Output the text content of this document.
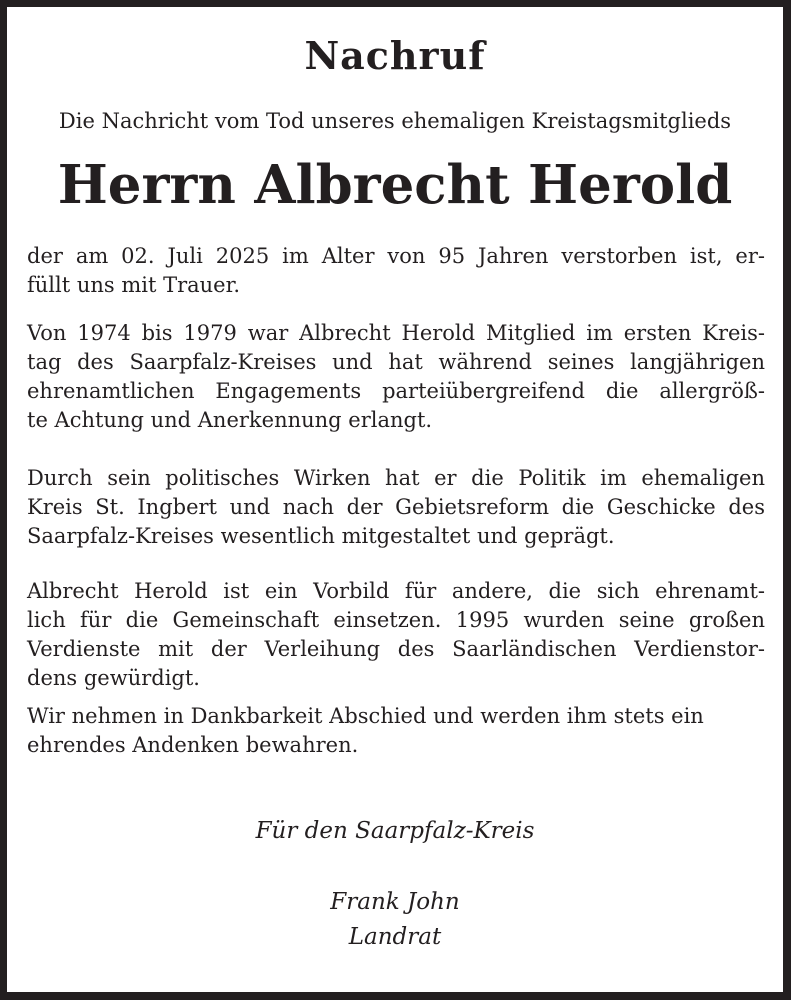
Nachruf

Die Nachricht vom Tod unseres ehemaligen Kreistagsmitglieds

Herrn Albrecht Herold
der am 02. Juli 2025 im Alter von 95 Jahren verstorben ist, er-
füllt uns mit Trauer.
Von 1974 bis 1979 war Albrecht Herold Mitglied im ersten Kreis-
tag des Saarpfalz-Kreises und hat während seines langjährigen
ehrenamtlichen Engagements parteiübergreifend die allergröß-
te Achtung und Anerkennung erlangt.
Durch sein politisches Wirken hat er die Politik im ehemaligen
Kreis St. Ingbert und nach der Gebietsreform die Geschicke des
Saarpfalz-Kreises wesentlich mitgestaltet und geprägt.
Albrecht Herold ist ein Vorbild für andere, die sich ehrenamt-
lich für die Gemeinschaft einsetzen. 1995 wurden seine großen
Verdienste mit der Verleihung des Saarländischen Verdienstor-
dens gewürdigt.
Wir nehmen in Dankbarkeit Abschied und werden ihm stets ein
ehrendes Andenken bewahren.

Für den Saarpfalz-Kreis

Frank John

Landrat
